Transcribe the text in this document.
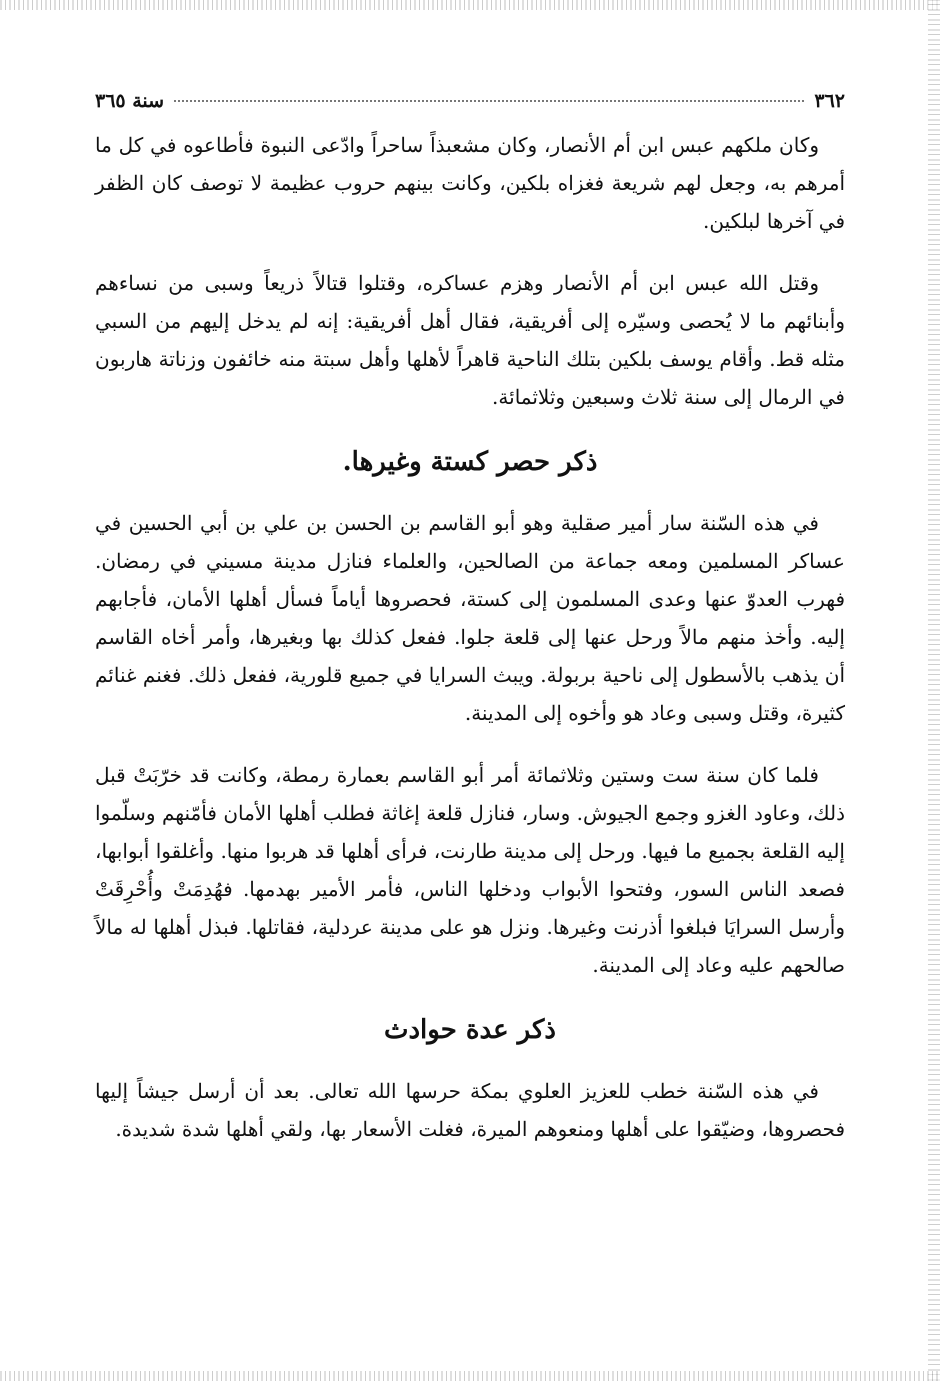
٣٦٢
سنة ٣٦٥

وكان ملكهم عبس ابن أم الأنصار، وكان مشعبذاً ساحراً وادّعى النبوة فأطاعوه في كل ما أمرهم به، وجعل لهم شريعة فغزاه بلكين، وكانت بينهم حروب عظيمة لا توصف كان الظفر في آخرها لبلكين.

وقتل الله عبس ابن أم الأنصار وهزم عساكره، وقتلوا قتالاً ذريعاً وسبى من نساءهم وأبنائهم ما لا يُحصى وسيّره إلى أفريقية، فقال أهل أفريقية: إنه لم يدخل إليهم من السبي مثله قط. وأقام يوسف بلكين بتلك الناحية قاهراً لأهلها وأهل سبتة منه خائفون وزناتة هاربون في الرمال إلى سنة ثلاث وسبعين وثلاثمائة.

ذكر حصر كستة وغيرها.

في هذه السّنة سار أمير صقلية وهو أبو القاسم بن الحسن بن علي بن أبي الحسين في عساكر المسلمين ومعه جماعة من الصالحين، والعلماء فنازل مدينة مسيني في رمضان. فهرب العدوّ عنها وعدى المسلمون إلى كستة، فحصروها أياماً فسأل أهلها الأمان، فأجابهم إليه. وأخذ منهم مالاً ورحل عنها إلى قلعة جلوا. ففعل كذلك بها وبغيرها، وأمر أخاه القاسم أن يذهب بالأسطول إلى ناحية بربولة. ويبث السرايا في جميع قلورية، ففعل ذلك. فغنم غنائم كثيرة، وقتل وسبى وعاد هو وأخوه إلى المدينة.

فلما كان سنة ست وستين وثلاثمائة أمر أبو القاسم بعمارة رمطة، وكانت قد خرّبَتْ قبل ذلك، وعاود الغزو وجمع الجيوش. وسار، فنازل قلعة إغاثة فطلب أهلها الأمان فأمّنهم وسلّموا إليه القلعة بجميع ما فيها. ورحل إلى مدينة طارنت، فرأى أهلها قد هربوا منها. وأغلقوا أبوابها، فصعد الناس السور، وفتحوا الأبواب ودخلها الناس، فأمر الأمير بهدمها. فهُدِمَتْ وأُحْرِقَتْ وأرسل السرايَا فبلغوا أذرنت وغيرها. ونزل هو على مدينة عردلية، فقاتلها. فبذل أهلها له مالاً صالحهم عليه وعاد إلى المدينة.

ذكر عدة حوادث

في هذه السّنة خطب للعزيز العلوي بمكة حرسها الله تعالى. بعد أن أرسل جيشاً إليها فحصروها، وضيّقوا على أهلها ومنعوهم الميرة، فغلت الأسعار بها، ولقي أهلها شدة شديدة.
